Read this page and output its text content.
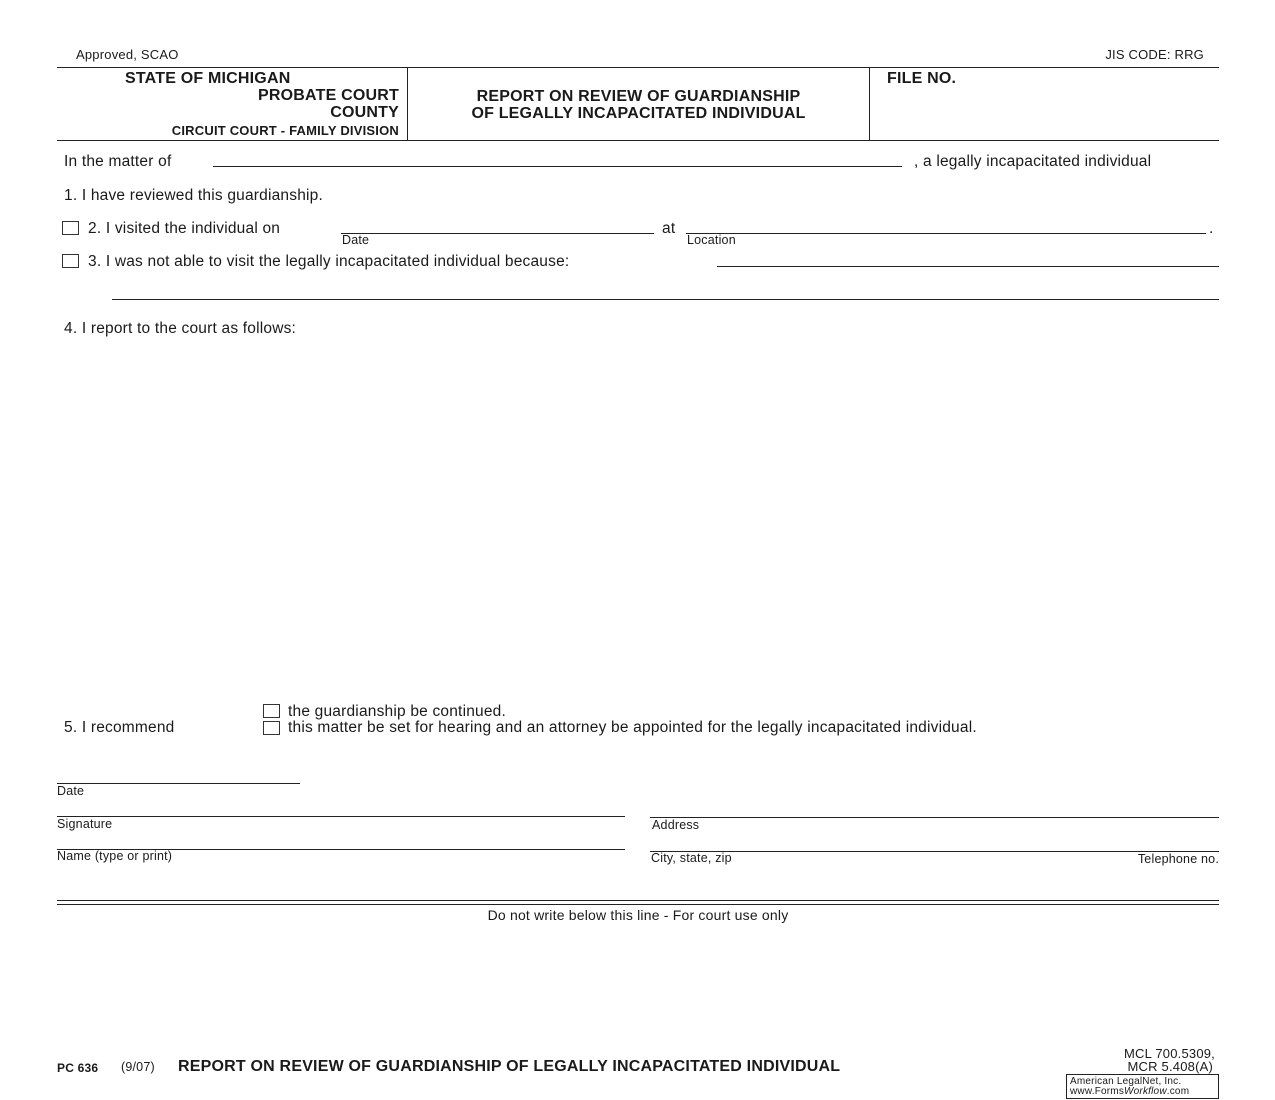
Approved, SCAO	JIS CODE: RRG
STATE OF MICHIGAN
PROBATE COURT
COUNTY
CIRCUIT COURT - FAMILY DIVISION
REPORT ON REVIEW OF GUARDIANSHIP
OF LEGALLY INCAPACITATED INDIVIDUAL
FILE NO.
In the matter of	, a legally incapacitated individual
1. I have reviewed this guardianship.
2. I visited the individual on
Date
at
Location
.
3. I was not able to visit the legally incapacitated individual because:
4. I report to the court as follows:
5. I recommend
the guardianship be continued.
this matter be set for hearing and an attorney be appointed for the legally incapacitated individual.
Date
Signature	Address
Name (type or print)	City, state, zip	Telephone no.
Do not write below this line - For court use only
PC 636 (9/07) REPORT ON REVIEW OF GUARDIANSHIP OF LEGALLY INCAPACITATED INDIVIDUAL
MCL 700.5309,
MCR 5.408(A)
American LegalNet, Inc.
www.FormsWorkflow.com
